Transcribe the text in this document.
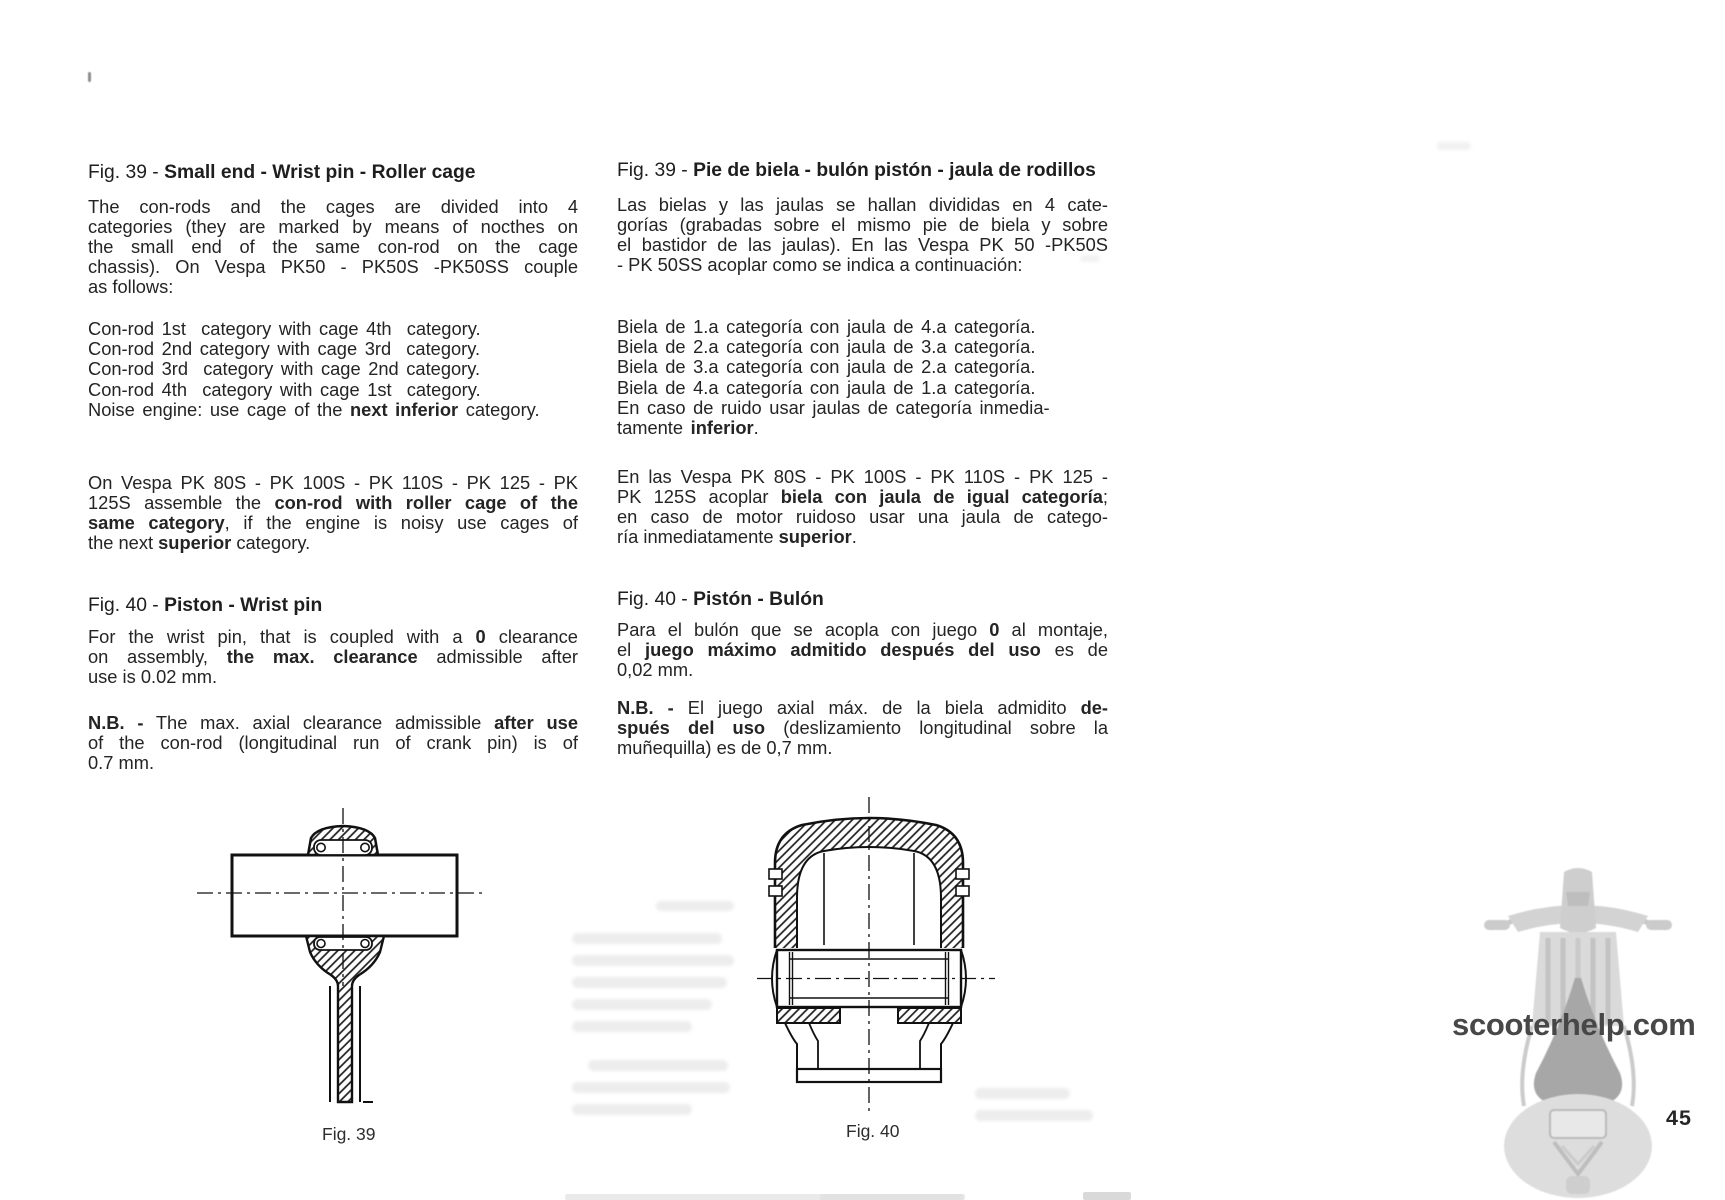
Fig. 39 - Small end - Wrist pin - Roller cage
The con-rods and the cages are divided into 4
categories (they are marked by means of nocthes on
the small end of the same con-rod on the cage
chassis). On Vespa PK50 - PK50S -PK50SS couple
as follows:
Con-rod 1st  category with cage 4th  category.
Con-rod 2nd category with cage 3rd  category.
Con-rod 3rd  category with cage 2nd category.
Con-rod 4th  category with cage 1st  category.
Noise engine: use cage of the next inferior category.
On Vespa PK 80S - PK 100S - PK 110S - PK 125 - PK
125S assemble the con-rod with roller cage of the
same category, if the engine is noisy use cages of
the next superior category.
Fig. 40 - Piston - Wrist pin
For the wrist pin, that is coupled with a 0 clearance
on assembly, the max. clearance admissible after
use is 0.02 mm.
N.B. - The max. axial clearance admissible after use
of the con-rod (longitudinal run of crank pin) is of
0.7 mm.
Fig. 39 - Pie de biela - bulón pistón - jaula de rodillos
Las bielas y las jaulas se hallan divididas en 4 cate-
gorías (grabadas sobre el mismo pie de biela y sobre
el bastidor de las jaulas). En las Vespa PK 50 -PK50S
- PK 50SS acoplar como se indica a continuación:
Biela de 1.a categoría con jaula de 4.a categoría.
Biela de 2.a categoría con jaula de 3.a categoría.
Biela de 3.a categoría con jaula de 2.a categoría.
Biela de 4.a categoría con jaula de 1.a categoría.
En caso de ruido usar jaulas de categoría inmedia-
tamente inferior.
En las Vespa PK 80S - PK 100S - PK 110S - PK 125 -
PK 125S acoplar biela con jaula de igual categoría;
en caso de motor ruidoso usar una jaula de catego-
ría inmediatamente superior.
Fig. 40 - Pistón - Bulón
Para el bulón que se acopla con juego 0 al montaje,
el juego máximo admitido después del uso es de
0,02 mm.
N.B. - El juego axial máx. de la biela admidito de-
spués del uso (deslizamiento longitudinal sobre la
muñequilla) es de 0,7 mm.
Fig. 39	Fig. 40
scooterhelp.com
45
